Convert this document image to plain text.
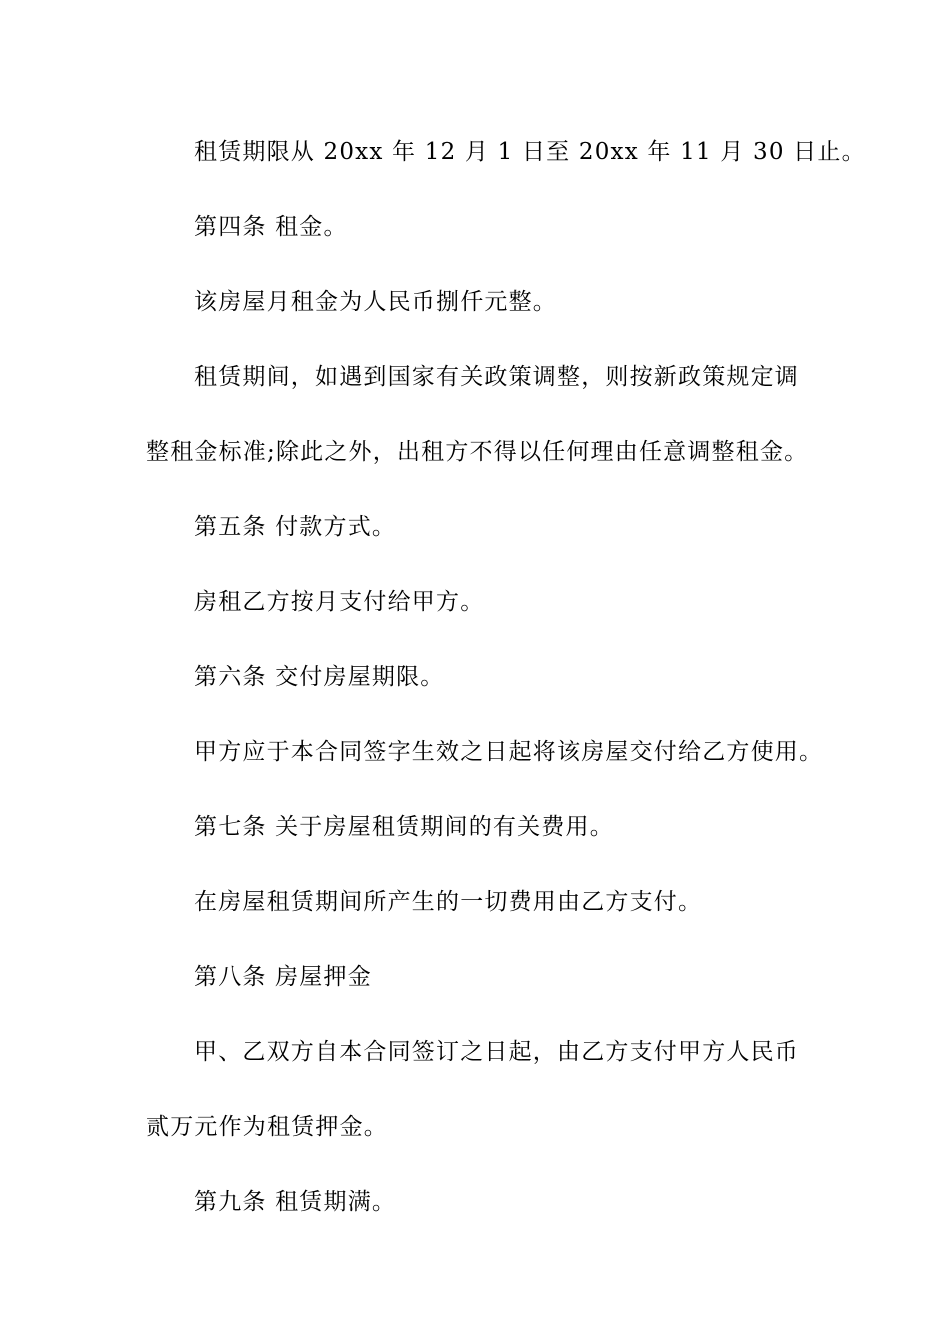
租赁期限从 20xx 年 12 月 1 日至 20xx 年 11 月 30 日止。
第四条 租金。
该房屋月租金为人民币捌仟元整。
租赁期间，如遇到国家有关政策调整，则按新政策规定调
整租金标准;除此之外，出租方不得以任何理由任意调整租金。
第五条 付款方式。
房租乙方按月支付给甲方。
第六条 交付房屋期限。
甲方应于本合同签字生效之日起将该房屋交付给乙方使用。
第七条 关于房屋租赁期间的有关费用。
在房屋租赁期间所产生的一切费用由乙方支付。
第八条 房屋押金
甲、乙双方自本合同签订之日起，由乙方支付甲方人民币
贰万元作为租赁押金。
第九条 租赁期满。
